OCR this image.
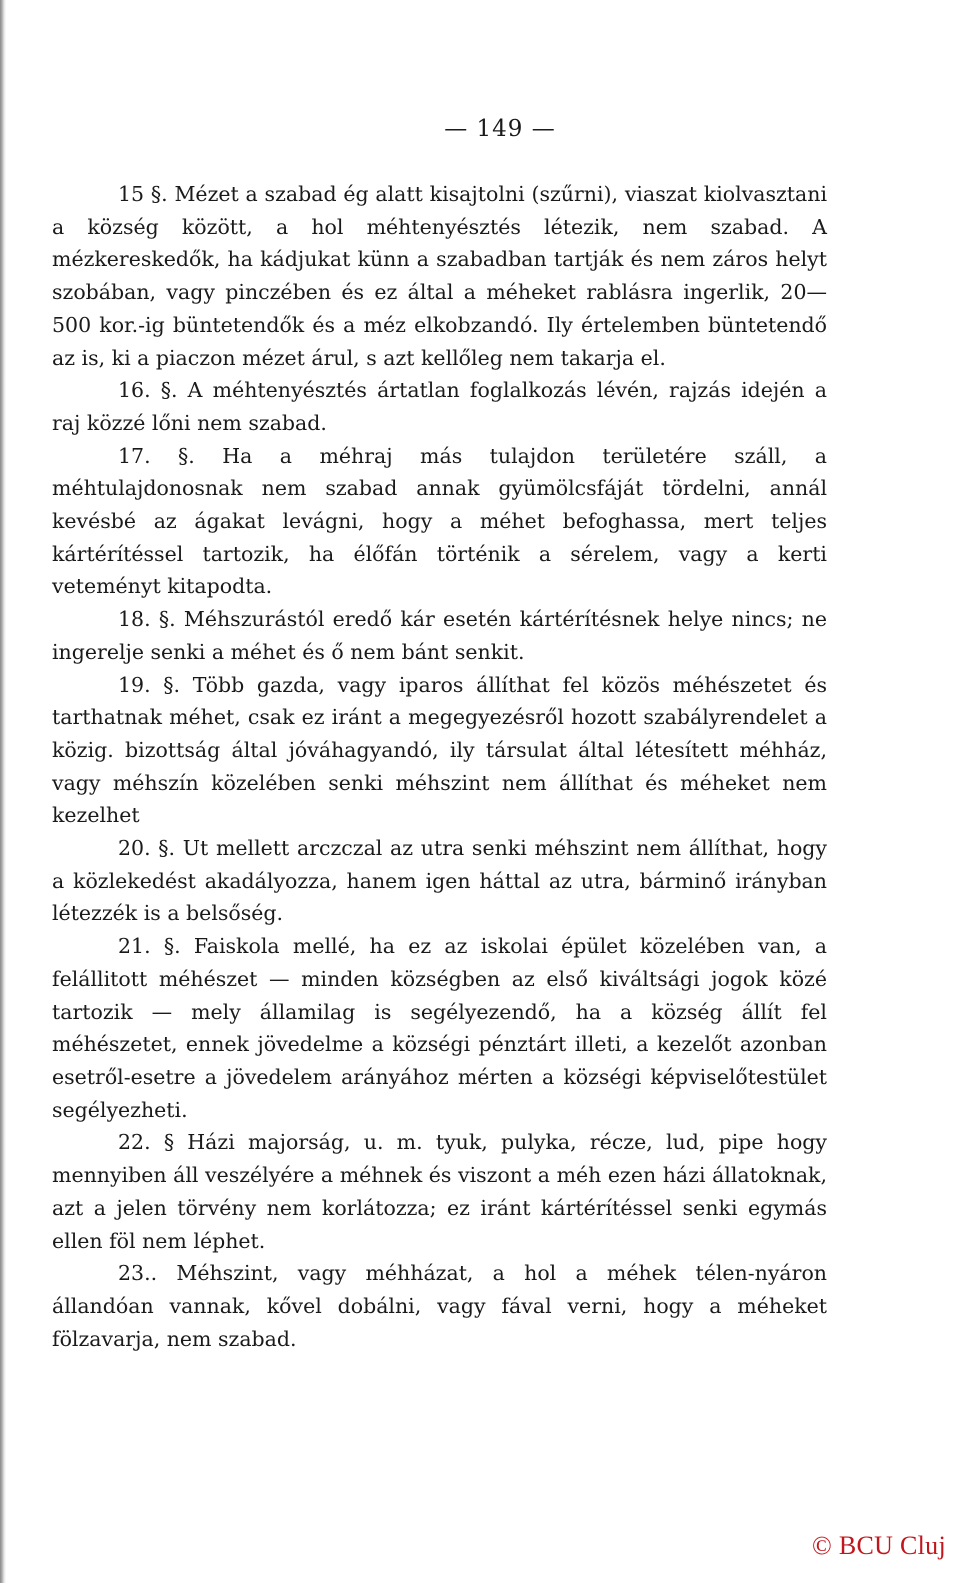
— 149 —

15 §. Mézet a szabad ég alatt kisajtolni (szűrni), viaszat kiolvasztani a község között, a hol méhtenyésztés létezik, nem szabad. A mézkereskedők, ha kádjukat künn a szabadban tartják és nem záros helyt szobában, vagy pinczében és ez által a méheket rablásra ingerlik, 20—500 kor.-ig büntetendők és a méz elkobzandó. Ily értelemben büntetendő az is, ki a piaczon mézet árul, s azt kellőleg nem takarja el.

16. §. A méhtenyésztés ártatlan foglalkozás lévén, rajzás idején a raj közzé lőni nem szabad.

17. §. Ha a méhraj más tulajdon területére száll, a méhtulajdonosnak nem szabad annak gyümölcsfáját tördelni, annál kevésbé az ágakat levágni, hogy a méhet befoghassa, mert teljes kártérítéssel tartozik, ha élőfán történik a sérelem, vagy a kerti veteményt kitapodta.

18. §. Méhszurástól eredő kár esetén kártérítésnek helye nincs; ne ingerelje senki a méhet és ő nem bánt senkit.

19. §. Több gazda, vagy iparos állíthat fel közös méhészetet és tarthatnak méhet, csak ez iránt a megegyezésről hozott szabályrendelet a közig. bizottság által jóváhagyandó, ily társulat által létesített méhház, vagy méhszín közelében senki méhszint nem állíthat és méheket nem kezelhet

20. §. Ut mellett arczczal az utra senki méhszint nem állíthat, hogy a közlekedést akadályozza, hanem igen háttal az utra, bárminő irányban létezzék is a belsőség.

21. §. Faiskola mellé, ha ez az iskolai épület közelében van, a felállitott méhészet — minden községben az első kiváltsági jogok közé tartozik — mely államilag is segélyezendő, ha a község állít fel méhészetet, ennek jövedelme a községi pénztárt illeti, a kezelőt azonban esetről-esetre a jövedelem arányához mérten a községi képviselőtestület segélyezheti.

22. § Házi majorság, u. m. tyuk, pulyka, récze, lud, pipe hogy mennyiben áll veszélyére a méhnek és viszont a méh ezen házi állatoknak, azt a jelen törvény nem korlátozza; ez iránt kártérítéssel senki egymás ellen föl nem léphet.

23.. Méhszint, vagy méhházat, a hol a méhek télen-nyáron állandóan vannak, kővel dobálni, vagy fával verni, hogy a méheket fölzavarja, nem szabad.

© BCU Cluj
